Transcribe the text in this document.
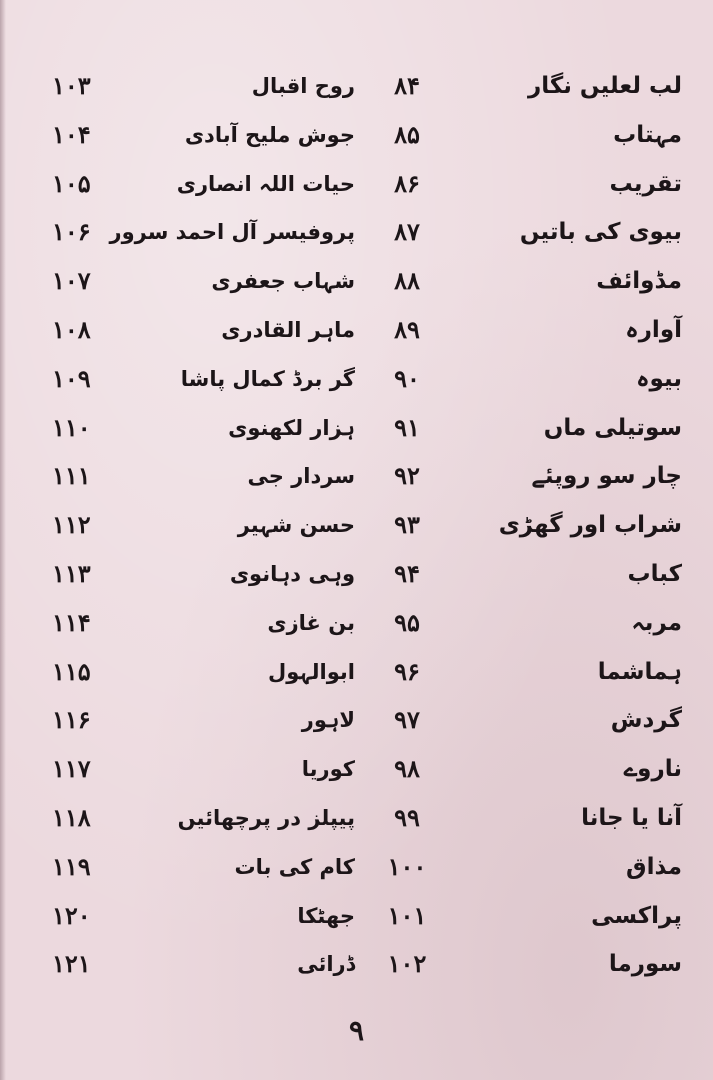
۱۰۳	روح اقبال	۸۴	لب لعلیں نگار
۱۰۴	جوش ملیح آبادی	۸۵	مہتاب
۱۰۵	حیات اللہ انصاری	۸۶	تقریب
۱۰۶ پروفیسر آل احمد سرور	۸۷	بیوی کی باتیں
۱۰۷	شہاب جعفری	۸۸	مڈوائف
۱۰۸	ماہر القادری	۸۹	آوارہ
۱۰۹	گر برڈ کمال پاشا	۹۰	بیوہ
۱۱۰	ہزار لکھنوی	۹۱	سوتیلی ماں
۱۱۱	سردار جی	۹۲	چار سو روپئے
۱۱۲	حسن شہیر	۹۳	شراب اور گھڑی
۱۱۳	وہی دہانوی	۹۴	کباب
۱۱۴	بن غازی	۹۵	مربہ
۱۱۵	ابوالہول	۹۶	ہماشما
۱۱۶	لاہور	۹۷	گردش
۱۱۷	کوریا	۹۸	ناروے
۱۱۸	پیپلز در پرچھائیں	۹۹	آنا یا جانا
۱۱۹	کام کی بات	۱۰۰	مذاق
۱۲۰	جھٹکا	۱۰۱	پراکسی
۱۲۱	ڈرائی	۱۰۲	سورما
۹
